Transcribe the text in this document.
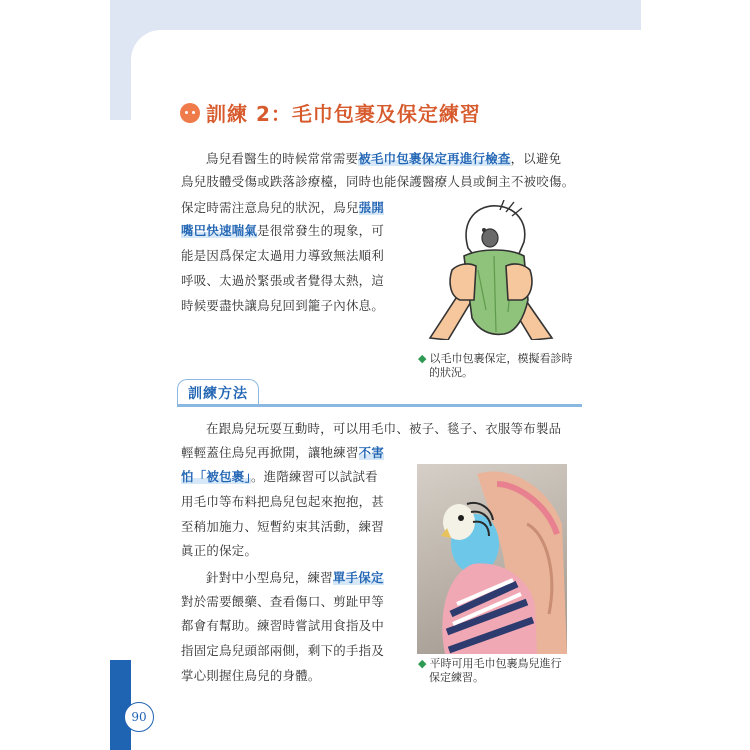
訓練 2：毛巾包裹及保定練習
鳥兒看醫生的時候常常需要被毛巾包裹保定再進行檢查，以避免
鳥兒肢體受傷或跌落診療檯，同時也能保護醫療人員或飼主不被咬傷。
保定時需注意鳥兒的狀況，鳥兒張開
嘴巴快速喘氣是很常發生的現象，可
能是因爲保定太過用力導致無法順利
呼吸、太過於緊張或者覺得太熱，這
時候要盡快讓鳥兒回到籠子內休息。
◆ 以毛巾包裹保定，模擬看診時
的狀況。
訓練方法
在跟鳥兒玩耍互動時，可以用毛巾、被子、毯子、衣服等布製品
輕輕蓋住鳥兒再掀開，讓牠練習不害
怕「被包裹」。進階練習可以試試看
用毛巾等布料把鳥兒包起來抱抱，甚
至稍加施力、短暫約束其活動，練習
眞正的保定。
針對中小型鳥兒，練習單手保定
對於需要餵藥、查看傷口、剪趾甲等
都會有幫助。練習時嘗試用食指及中
指固定鳥兒頭部兩側，剩下的手指及
掌心則握住鳥兒的身體。
◆ 平時可用毛巾包裹鳥兒進行
保定練習。
90
